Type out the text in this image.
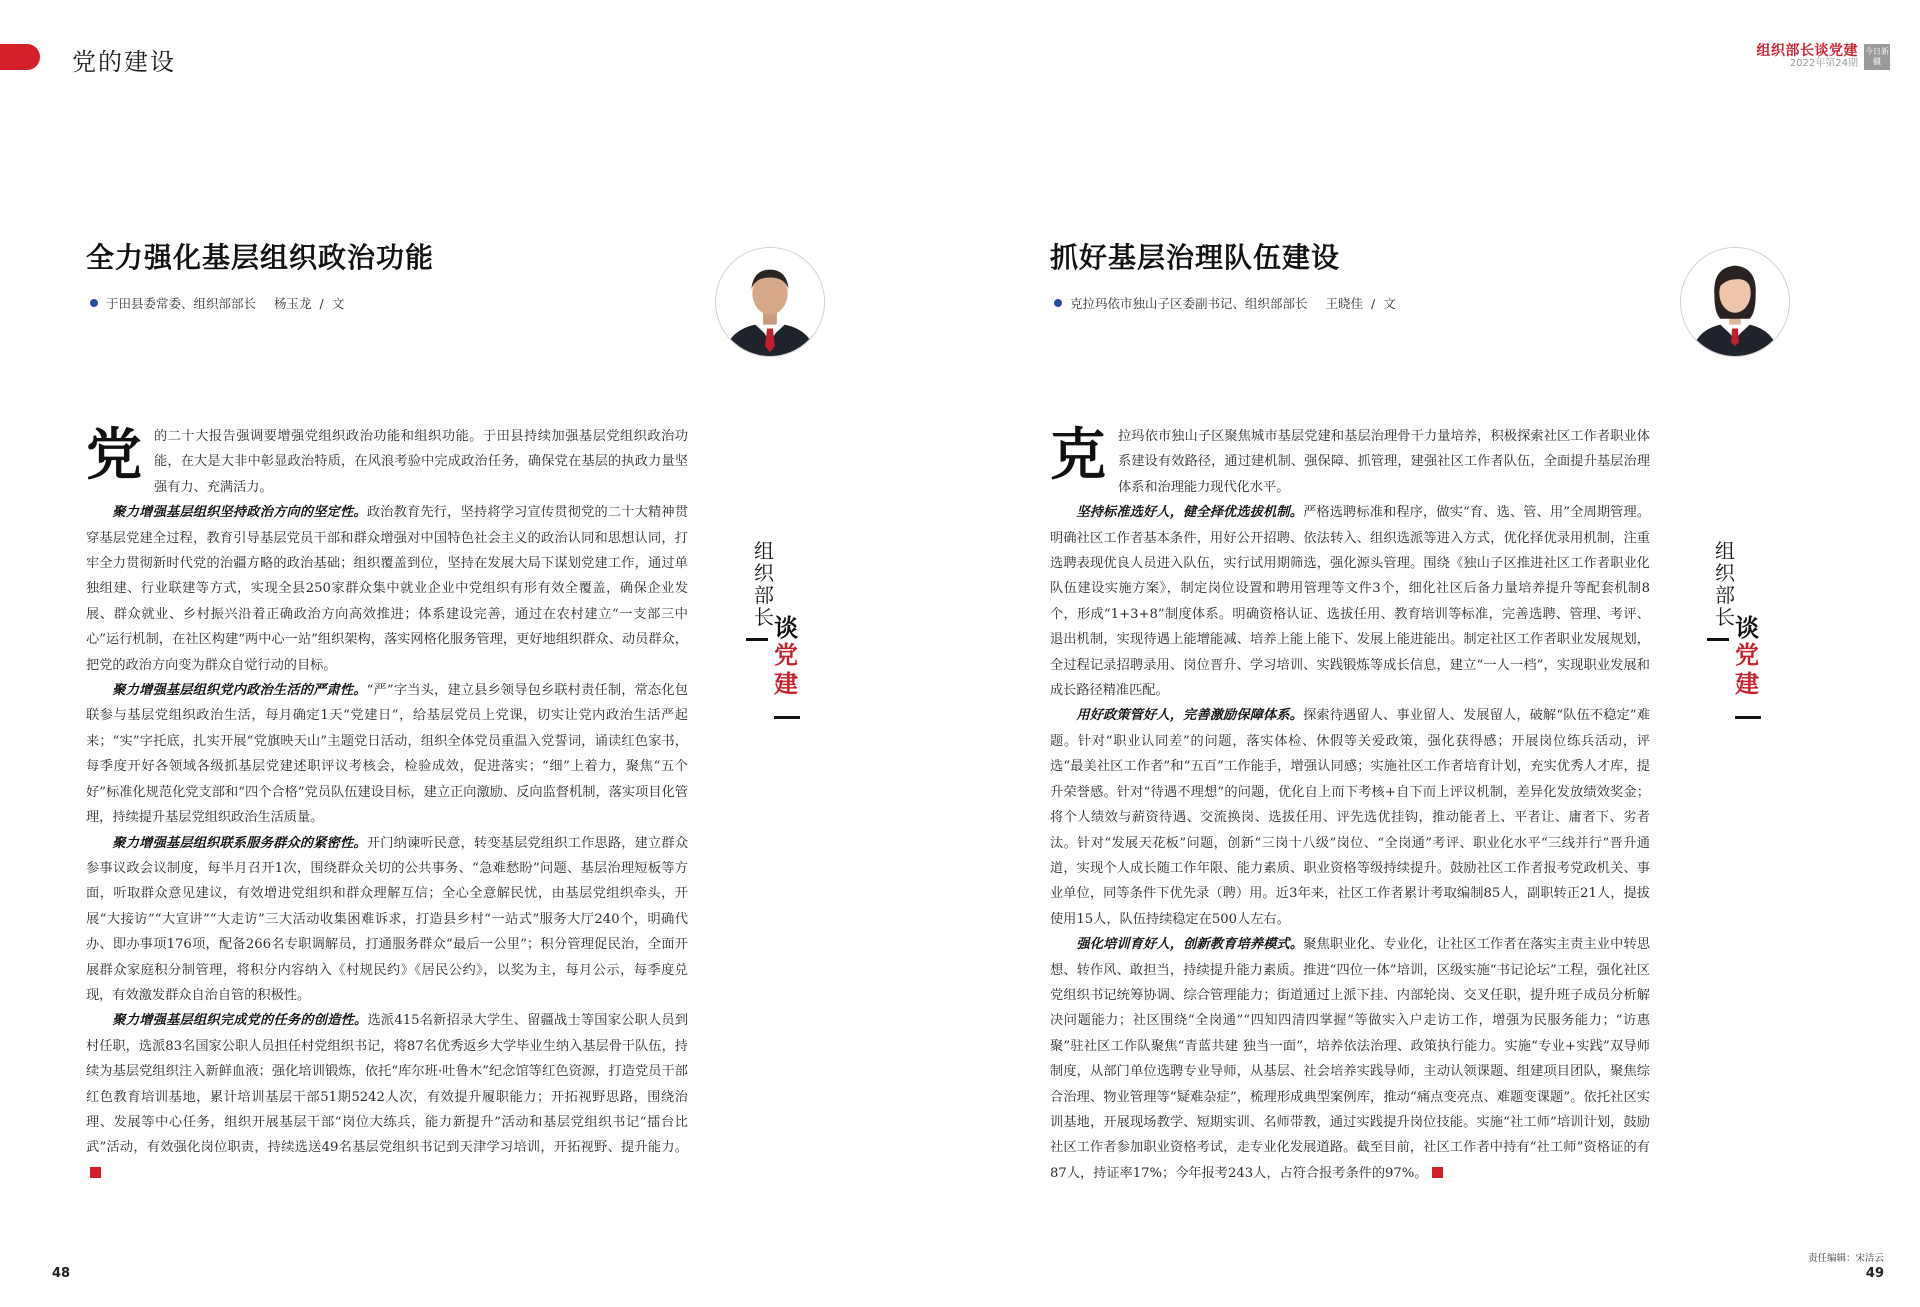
党的建设	组织部长谈党建
2022年第24期
今日新疆
全力强化基层组织政治功能
于田县委常委、组织部部长 杨玉龙 / 文

党 的二十大报告强调要增强党组织政治功能和组织功能。于田县持续加强基层党组织政治功能，在大是大非中彰显政治特质，在风浪考验中完成政治任务，确保党在基层的执政力量坚强有力、充满活力。

聚力增强基层组织坚持政治方向的坚定性。政治教育先行，坚持将学习宣传贯彻党的二十大精神贯穿基层党建全过程，教育引导基层党员干部和群众增强对中国特色社会主义的政治认同和思想认同，打牢全力贯彻新时代党的治疆方略的政治基础；组织覆盖到位，坚持在发展大局下谋划党建工作，通过单独组建、行业联建等方式，实现全县250家群众集中就业企业中党组织有形有效全覆盖，确保企业发展、群众就业、乡村振兴沿着正确政治方向高效推进；体系建设完善，通过在农村建立“一支部三中心”运行机制，在社区构建“两中心一站”组织架构，落实网格化服务管理，更好地组织群众、动员群众，把党的政治方向变为群众自觉行动的目标。

聚力增强基层组织党内政治生活的严肃性。“严”字当头，建立县乡领导包乡联村责任制，常态化包联参与基层党组织政治生活，每月确定1天“党建日”，给基层党员上党课，切实让党内政治生活严起来；“实”字托底，扎实开展“党旗映天山”主题党日活动，组织全体党员重温入党誓词，诵读红色家书，每季度开好各领域各级抓基层党建述职评议考核会，检验成效，促进落实；“细”上着力，聚焦“五个好”标准化规范化党支部和“四个合格”党员队伍建设目标，建立正向激励、反向监督机制，落实项目化管理，持续提升基层党组织政治生活质量。

聚力增强基层组织联系服务群众的紧密性。开门纳谏听民意，转变基层党组织工作思路，建立群众参事议政会议制度，每半月召开1次，围绕群众关切的公共事务、“急难愁盼”问题、基层治理短板等方面，听取群众意见建议，有效增进党组织和群众理解互信；全心全意解民忧，由基层党组织牵头，开展“大接访”“大宣讲”“大走访”三大活动收集困难诉求，打造县乡村“一站式”服务大厅240个，明确代办、即办事项176项，配备266名专职调解员，打通服务群众“最后一公里”；积分管理促民治，全面开展群众家庭积分制管理，将积分内容纳入《村规民约》《居民公约》，以奖为主，每月公示，每季度兑现，有效激发群众自治自管的积极性。

聚力增强基层组织完成党的任务的创造性。选派415名新招录大学生、留疆战士等国家公职人员到村任职，选派83名国家公职人员担任村党组织书记，将87名优秀返乡大学毕业生纳入基层骨干队伍，持续为基层党组织注入新鲜血液；强化培训锻炼，依托“库尔班·吐鲁木”纪念馆等红色资源，打造党员干部红色教育培训基地，累计培训基层干部51期5242人次，有效提升履职能力；开拓视野思路，围绕治理、发展等中心任务，组织开展基层干部“岗位大练兵，能力新提升”活动和基层党组织书记“擂台比武”活动，有效强化岗位职责，持续选送49名基层党组织书记到天津学习培训，开拓视野、提升能力。

组
织
部
长 谈
党
建
48
抓好基层治理队伍建设
克拉玛依市独山子区委副书记、组织部部长 王晓佳 / 文

克 拉玛依市独山子区聚焦城市基层党建和基层治理骨干力量培养，积极探索社区工作者职业体系建设有效路径，通过建机制、强保障、抓管理，建强社区工作者队伍，全面提升基层治理体系和治理能力现代化水平。

坚持标准选好人，健全择优选拔机制。严格选聘标准和程序，做实“育、选、管、用”全周期管理。明确社区工作者基本条件，用好公开招聘、依法转入、组织选派等进入方式，优化择优录用机制，注重选聘表现优良人员进入队伍，实行试用期筛选，强化源头管理。围绕《独山子区推进社区工作者职业化队伍建设实施方案》，制定岗位设置和聘用管理等文件3个，细化社区后备力量培养提升等配套机制8个，形成“1+3+8”制度体系。明确资格认证、选拔任用、教育培训等标准，完善选聘、管理、考评、退出机制，实现待遇上能增能减、培养上能上能下、发展上能进能出。制定社区工作者职业发展规划，全过程记录招聘录用、岗位晋升、学习培训、实践锻炼等成长信息，建立“一人一档”，实现职业发展和成长路径精准匹配。

用好政策管好人，完善激励保障体系。探索待遇留人、事业留人、发展留人，破解“队伍不稳定”难题。针对“职业认同差”的问题，落实体检、休假等关爱政策，强化获得感；开展岗位练兵活动，评选“最美社区工作者”和“五百”工作能手，增强认同感；实施社区工作者培育计划，充实优秀人才库，提升荣誉感。针对“待遇不理想”的问题，优化自上而下考核+自下而上评议机制，差异化发放绩效奖金；将个人绩效与薪资待遇、交流换岗、选拔任用、评先选优挂钩，推动能者上、平者让、庸者下、劣者汰。针对“发展天花板”问题，创新“三岗十八级”岗位、“全岗通”考评、职业化水平“三线并行”晋升通道，实现个人成长随工作年限、能力素质、职业资格等级持续提升。鼓励社区工作者报考党政机关、事业单位，同等条件下优先录（聘）用。近3年来，社区工作者累计考取编制85人，副职转正21人，提拔使用15人，队伍持续稳定在500人左右。

强化培训育好人，创新教育培养模式。聚焦职业化、专业化，让社区工作者在落实主责主业中转思想、转作风、敢担当，持续提升能力素质。推进“四位一体”培训，区级实施“书记论坛”工程，强化社区党组织书记统筹协调、综合管理能力；街道通过上派下挂、内部轮岗、交叉任职，提升班子成员分析解决问题能力；社区围绕“全岗通”“四知四清四掌握”等做实入户走访工作，增强为民服务能力；“访惠聚”驻社区工作队聚焦“青蓝共建 独当一面”，培养依法治理、政策执行能力。实施“专业+实践”双导师制度，从部门单位选聘专业导师，从基层、社会培养实践导师，主动认领课题、组建项目团队，聚焦综合治理、物业管理等“疑难杂症”，梳理形成典型案例库，推动“痛点变亮点、难题变课题”。依托社区实训基地，开展现场教学、短期实训、名师带教，通过实践提升岗位技能。实施“社工师”培训计划，鼓励社区工作者参加职业资格考试，走专业化发展道路。截至目前，社区工作者中持有“社工师”资格证的有87人，持证率17%；今年报考243人，占符合报考条件的97%。

组
织
部
长 谈
党
建
责任编辑：宋洁云
49
